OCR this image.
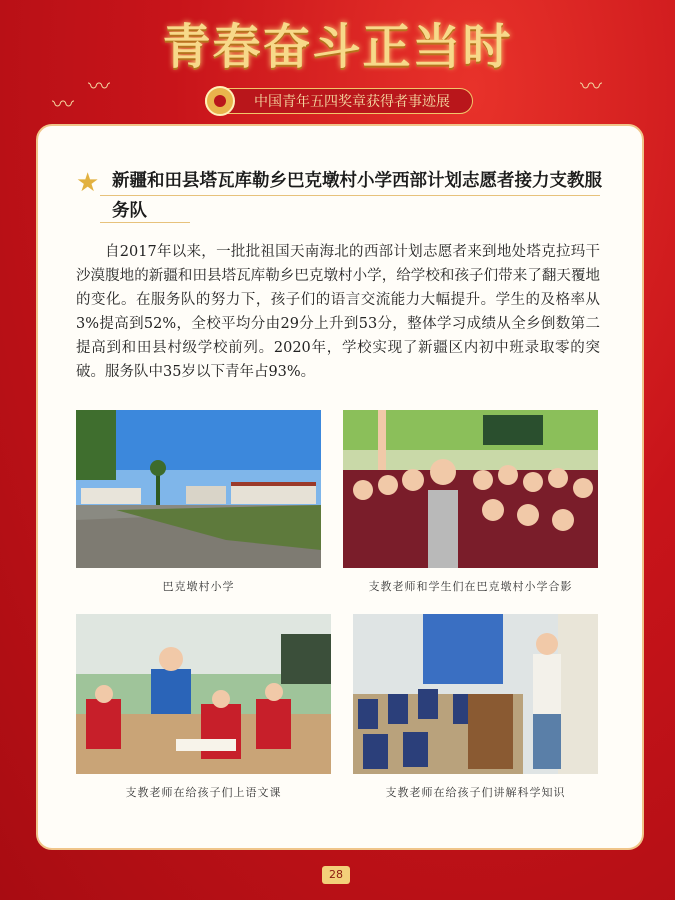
青春奋斗正当时
〰
〰	〰
中国青年五四奖章获得者事迹展
★ 新疆和田县塔瓦库勒乡巴克墩村小学西部计划志愿者接力支教服务队
自2017年以来，一批批祖国天南海北的西部计划志愿者来到地处塔克拉玛干沙漠腹地的新疆和田县塔瓦库勒乡巴克墩村小学，给学校和孩子们带来了翻天覆地的变化。在服务队的努力下，孩子们的语言交流能力大幅提升。学生的及格率从3%提高到52%，全校平均分由29分上升到53分，整体学习成绩从全乡倒数第二提高到和田县村级学校前列。2020年，学校实现了新疆区内初中班录取零的突破。服务队中35岁以下青年占93%。
巴克墩村小学	支教老师和学生们在巴克墩村小学合影
支教老师在给孩子们上语文课	支教老师在给孩子们讲解科学知识
28
